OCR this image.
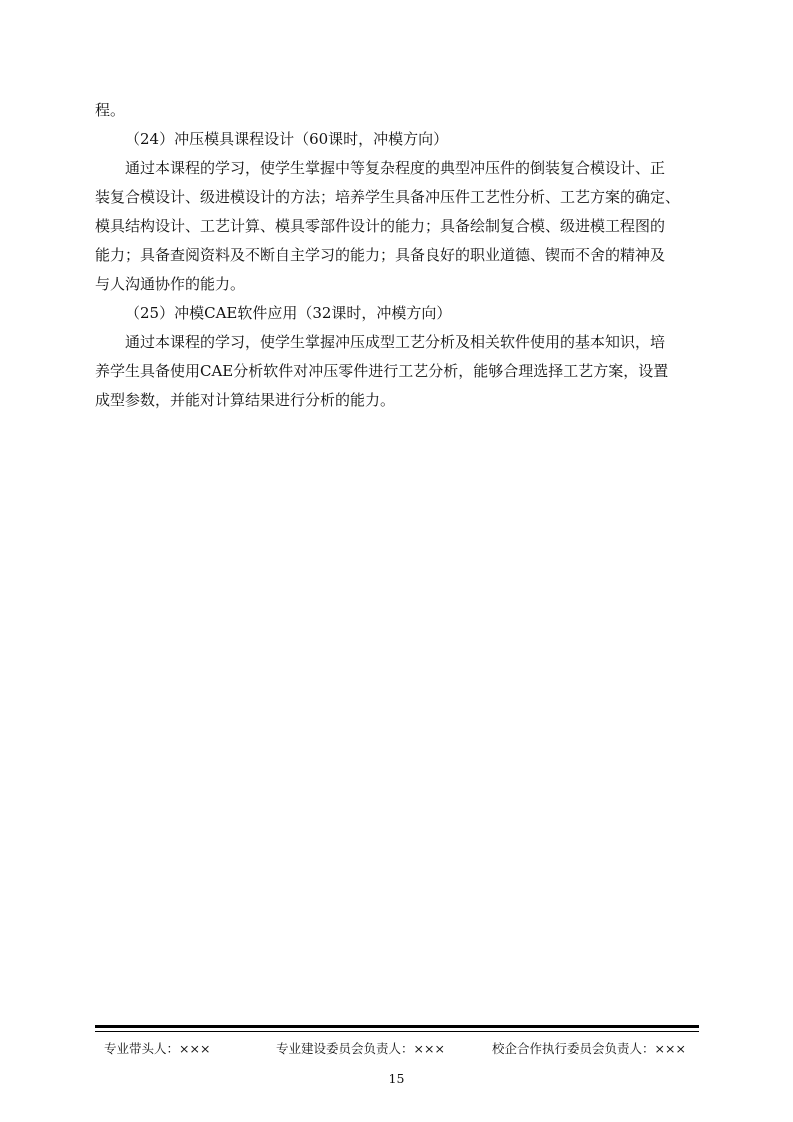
程。

（24）冲压模具课程设计（60课时，冲模方向）

通过本课程的学习，使学生掌握中等复杂程度的典型冲压件的倒装复合模设计、正

装复合模设计、级进模设计的方法；培养学生具备冲压件工艺性分析、工艺方案的确定、

模具结构设计、工艺计算、模具零部件设计的能力；具备绘制复合模、级进模工程图的

能力；具备查阅资料及不断自主学习的能力；具备良好的职业道德、锲而不舍的精神及

与人沟通协作的能力。

（25）冲模CAE软件应用（32课时，冲模方向）

通过本课程的学习，使学生掌握冲压成型工艺分析及相关软件使用的基本知识，培

养学生具备使用CAE分析软件对冲压零件进行工艺分析，能够合理选择工艺方案，设置

成型参数，并能对计算结果进行分析的能力。

专业带头人：×××	专业建设委员会负责人：×××	校企合作执行委员会负责人：×××
15
